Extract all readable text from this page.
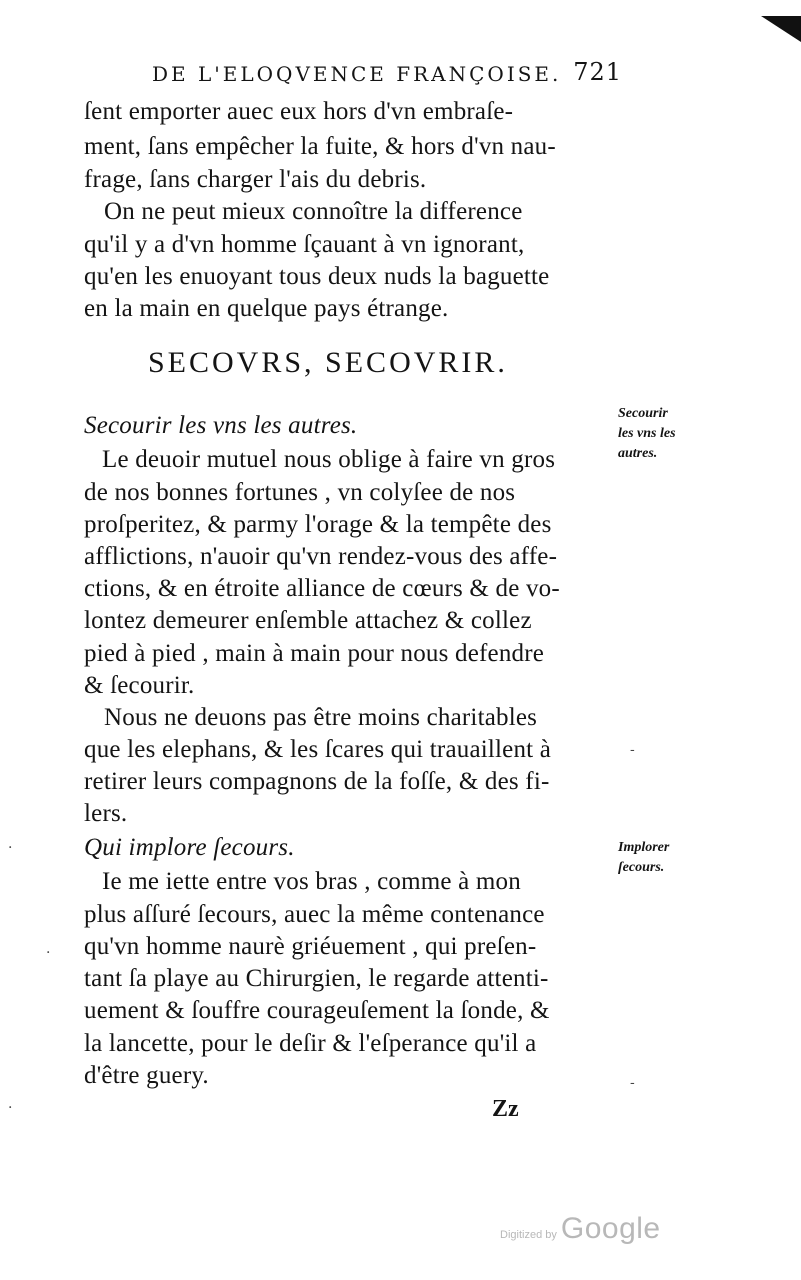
DE L'ELOQVENCE FRANÇOISE. 721
ſent emporter auec eux hors d'vn embraſe-
ment, ſans empêcher la fuite, & hors d'vn nau-
frage, ſans charger l'ais du debris.
On ne peut mieux connoître la difference
qu'il y a d'vn homme ſçauant à vn ignorant,
qu'en les enuoyant tous deux nuds la baguette
en la main en quelque pays étrange.
SECOVRS, SECOVRIR.
Secourir les vns les autres.
Le deuoir mutuel nous oblige à faire vn gros
de nos bonnes fortunes , vn colyſee de nos
proſperitez, & parmy l'orage & la tempête des
afflictions, n'auoir qu'vn rendez-vous des affe-
ctions, & en étroite alliance de cœurs & de vo-
lontez demeurer enſemble attachez & collez
pied à pied , main à main pour nous defendre
& ſecourir.
Nous ne deuons pas être moins charitables
que les elephans, & les ſcares qui trauaillent à
retirer leurs compagnons de la foſſe, & des fi-
lers.
Qui implore ſecours.
Ie me iette entre vos bras , comme à mon
plus aſſuré ſecours, auec la même contenance
qu'vn homme naurè griéuement , qui preſen-
tant ſa playe au Chirurgien, le regarde attenti-
uement & ſouffre courageuſement la ſonde, &
la lancette, pour le deſir & l'eſperance qu'il a
d'être guery.
Secourir
les vns les
autres.
Implorer
ſecours.
Zz
·
·
·
-
-
Digitized by Google
